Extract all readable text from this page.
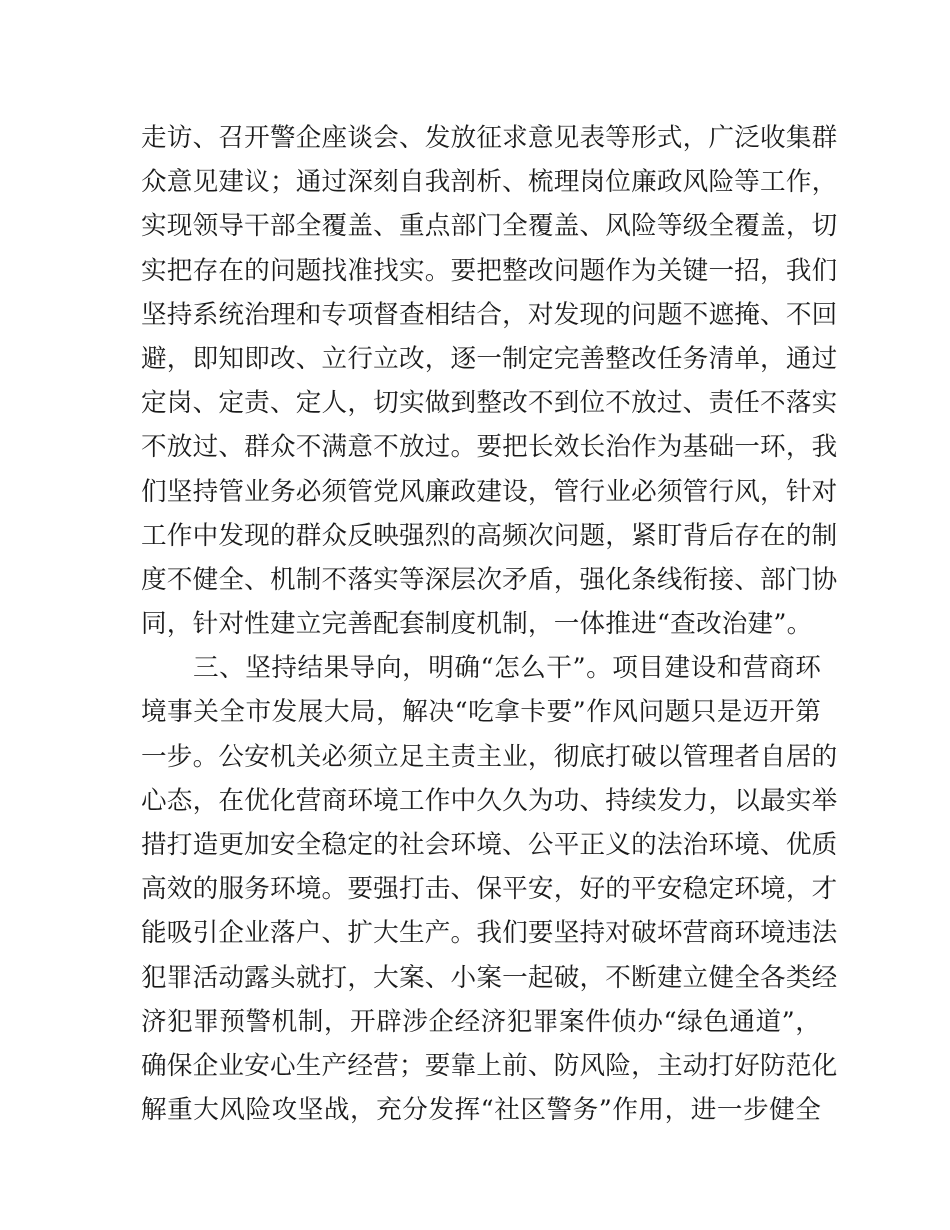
走访、召开警企座谈会、发放征求意见表等形式，广泛收集群
众意见建议；通过深刻自我剖析、梳理岗位廉政风险等工作，
实现领导干部全覆盖、重点部门全覆盖、风险等级全覆盖，切
实把存在的问题找准找实。要把整改问题作为关键一招，我们
坚持系统治理和专项督查相结合，对发现的问题不遮掩、不回
避，即知即改、立行立改，逐一制定完善整改任务清单，通过
定岗、定责、定人，切实做到整改不到位不放过、责任不落实
不放过、群众不满意不放过。要把长效长治作为基础一环，我
们坚持管业务必须管党风廉政建设，管行业必须管行风，针对
工作中发现的群众反映强烈的高频次问题，紧盯背后存在的制
度不健全、机制不落实等深层次矛盾，强化条线衔接、部门协
同，针对性建立完善配套制度机制，一体推进“查改治建”。
三、坚持结果导向，明确“怎么干”。项目建设和营商环
境事关全市发展大局，解决“吃拿卡要”作风问题只是迈开第
一步。公安机关必须立足主责主业，彻底打破以管理者自居的
心态，在优化营商环境工作中久久为功、持续发力，以最实举
措打造更加安全稳定的社会环境、公平正义的法治环境、优质
高效的服务环境。要强打击、保平安，好的平安稳定环境，才
能吸引企业落户、扩大生产。我们要坚持对破坏营商环境违法
犯罪活动露头就打，大案、小案一起破，不断建立健全各类经
济犯罪预警机制，开辟涉企经济犯罪案件侦办“绿色通道”，
确保企业安心生产经营；要靠上前、防风险，主动打好防范化
解重大风险攻坚战，充分发挥“社区警务”作用，进一步健全
